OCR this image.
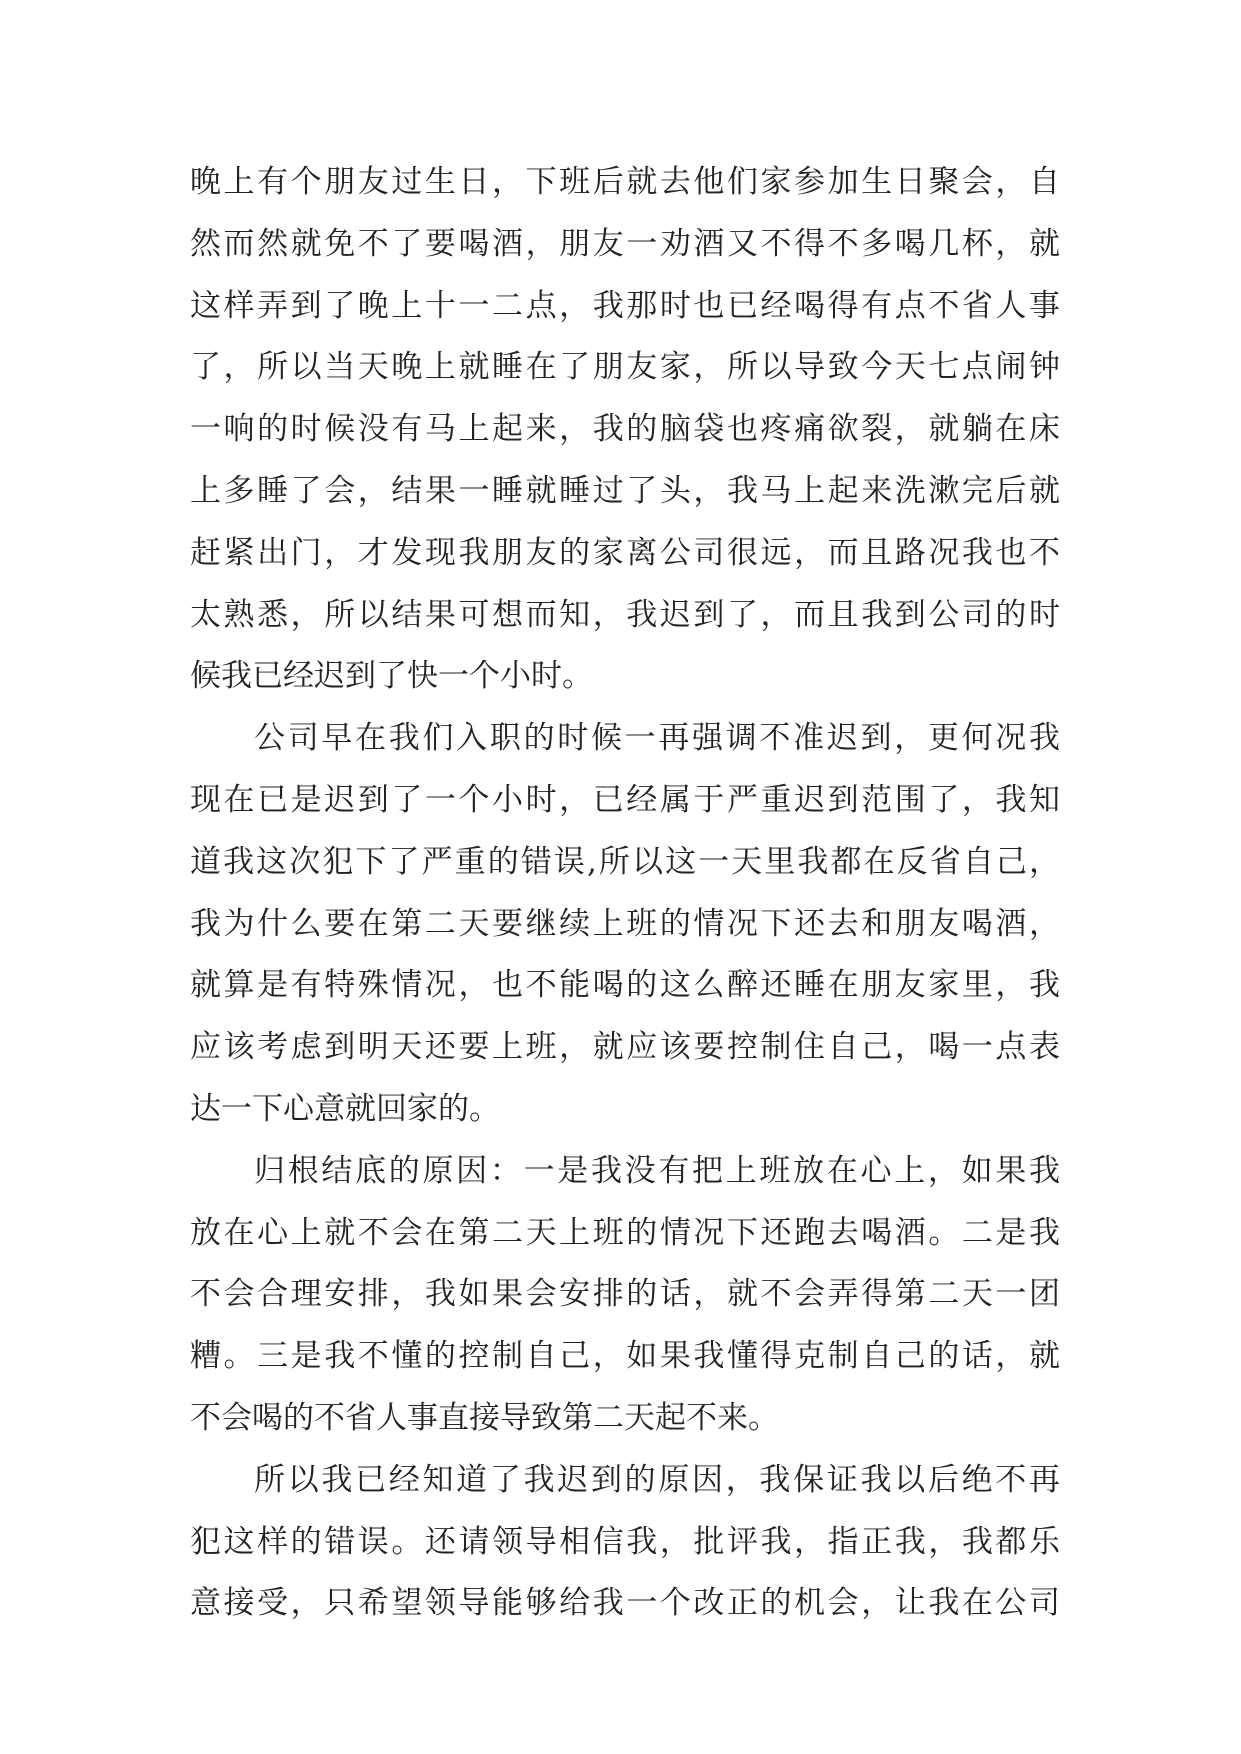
晚上有个朋友过生日，下班后就去他们家参加生日聚会，自
然而然就免不了要喝酒，朋友一劝酒又不得不多喝几杯，就
这样弄到了晚上十一二点，我那时也已经喝得有点不省人事
了，所以当天晚上就睡在了朋友家，所以导致今天七点闹钟
一响的时候没有马上起来，我的脑袋也疼痛欲裂，就躺在床
上多睡了会，结果一睡就睡过了头，我马上起来洗漱完后就
赶紧出门，才发现我朋友的家离公司很远，而且路况我也不
太熟悉，所以结果可想而知，我迟到了，而且我到公司的时
候我已经迟到了快一个小时。
公司早在我们入职的时候一再强调不准迟到，更何况我
现在已是迟到了一个小时，已经属于严重迟到范围了，我知
道我这次犯下了严重的错误,所以这一天里我都在反省自己，
我为什么要在第二天要继续上班的情况下还去和朋友喝酒，
就算是有特殊情况，也不能喝的这么醉还睡在朋友家里，我
应该考虑到明天还要上班，就应该要控制住自己，喝一点表
达一下心意就回家的。
归根结底的原因：一是我没有把上班放在心上，如果我
放在心上就不会在第二天上班的情况下还跑去喝酒。二是我
不会合理安排，我如果会安排的话，就不会弄得第二天一团
糟。三是我不懂的控制自己，如果我懂得克制自己的话，就
不会喝的不省人事直接导致第二天起不来。
所以我已经知道了我迟到的原因，我保证我以后绝不再
犯这样的错误。还请领导相信我，批评我，指正我，我都乐
意接受，只希望领导能够给我一个改正的机会，让我在公司
